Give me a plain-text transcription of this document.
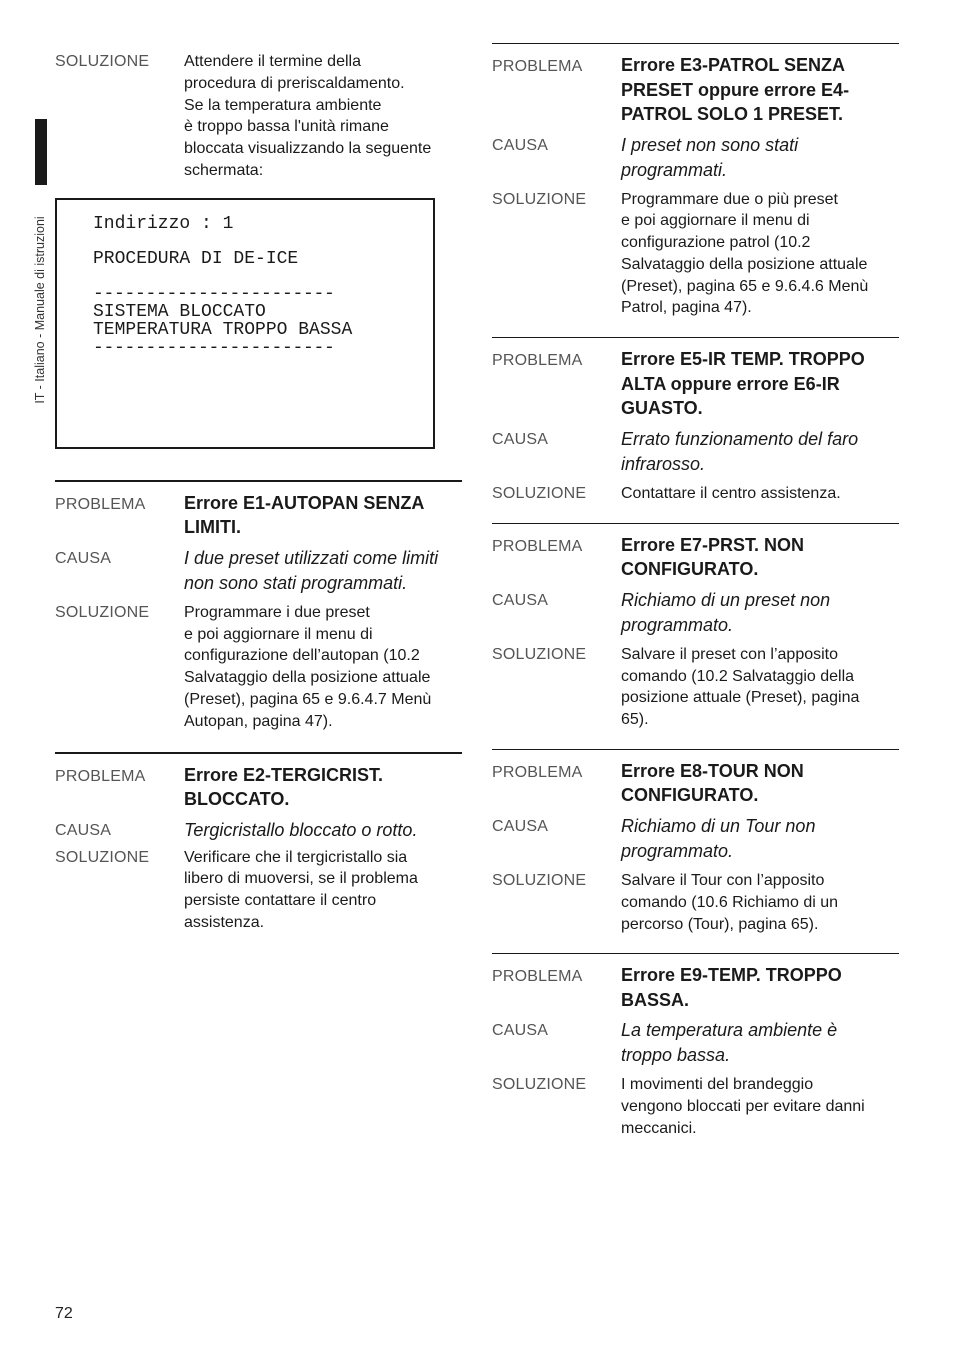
IT - Italiano - Manuale di istruzioni
SOLUZIONE	Attendere il termine della
procedura di preriscaldamento.
Se la temperatura ambiente
è troppo bassa l'unità rimane
bloccata visualizzando la seguente
schermata:
Indirizzo : 1
PROCEDURA DI DE-ICE
-----------------------
SISTEMA BLOCCATO
TEMPERATURA TROPPO BASSA
-----------------------
PROBLEMA	Errore E1-AUTOPAN SENZA
LIMITI.
CAUSA	I due preset utilizzati come limiti
non sono stati programmati.
SOLUZIONE	Programmare i due preset
e poi aggiornare il menu di
configurazione dell’autopan (10.2
Salvataggio della posizione attuale
(Preset), pagina 65 e 9.6.4.7 Menù
Autopan, pagina 47).
PROBLEMA	Errore E2-TERGICRIST.
BLOCCATO.
CAUSA	Tergicristallo bloccato o rotto.
SOLUZIONE	Verificare che il tergicristallo sia
libero di muoversi, se il problema
persiste contattare il centro
assistenza.
PROBLEMA	Errore E3-PATROL SENZA
PRESET oppure errore E4-
PATROL SOLO 1 PRESET.
CAUSA	I preset non sono stati
programmati.
SOLUZIONE	Programmare due o più preset
e poi aggiornare il menu di
configurazione patrol (10.2
Salvataggio della posizione attuale
(Preset), pagina 65 e 9.6.4.6 Menù
Patrol, pagina 47).
PROBLEMA	Errore E5-IR TEMP. TROPPO
ALTA oppure errore E6-IR
GUASTO.
CAUSA	Errato funzionamento del faro
infrarosso.
SOLUZIONE	Contattare il centro assistenza.
PROBLEMA	Errore E7-PRST. NON
CONFIGURATO.
CAUSA	Richiamo di un preset non
programmato.
SOLUZIONE	Salvare il preset con l’apposito
comando (10.2 Salvataggio della
posizione attuale (Preset), pagina
65).
PROBLEMA	Errore E8-TOUR NON
CONFIGURATO.
CAUSA	Richiamo di un Tour non
programmato.
SOLUZIONE	Salvare il Tour con l’apposito
comando (10.6 Richiamo di un
percorso (Tour), pagina 65).
PROBLEMA	Errore E9-TEMP. TROPPO
BASSA.
CAUSA	La temperatura ambiente è
troppo bassa.
SOLUZIONE	I movimenti del brandeggio
vengono bloccati per evitare danni
meccanici.
72
